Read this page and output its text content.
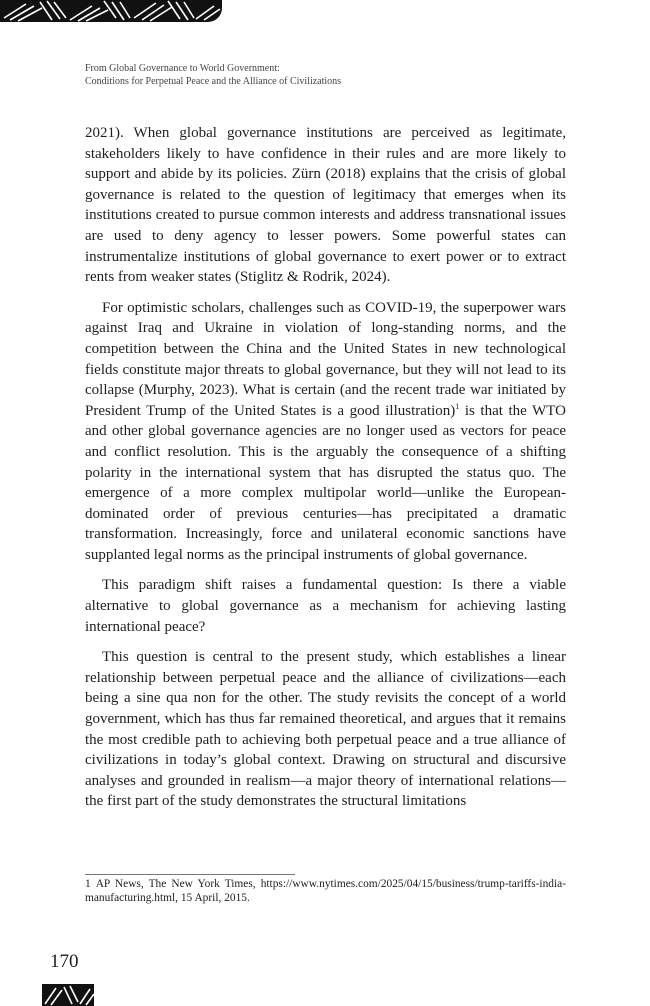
From Global Governance to World Government:
Conditions for Perpetual Peace and the Alliance of Civilizations

2021). When global governance institutions are perceived as legitimate, stakeholders likely to have confidence in their rules and are more likely to support and abide by its policies. Zürn (2018) explains that the crisis of global governance is related to the question of legitimacy that emerges when its institutions created to pursue common interests and address transnational issues are used to deny agency to lesser powers. Some powerful states can instrumentalize institutions of global governance to exert power or to extract rents from weaker states (Stiglitz & Rodrik, 2024).

For optimistic scholars, challenges such as COVID-19, the superpower wars against Iraq and Ukraine in violation of long-standing norms, and the competition between the China and the United States in new technological fields constitute major threats to global governance, but they will not lead to its collapse (Murphy, 2023). What is certain (and the recent trade war initiated by President Trump of the United States is a good illustration)$^1$ is that the WTO and other global governance agencies are no longer used as vectors for peace and conflict resolution. This is the arguably the consequence of a shifting polarity in the international system that has disrupted the status quo. The emergence of a more complex multipolar world—unlike the European-dominated order of previous centuries—has precipitated a dramatic transformation. Increasingly, force and unilateral economic sanctions have supplanted legal norms as the principal instruments of global governance.

This paradigm shift raises a fundamental question: Is there a viable alternative to global governance as a mechanism for achieving lasting international peace?

This question is central to the present study, which establishes a linear relationship between perpetual peace and the alliance of civilizations—each being a sine qua non for the other. The study revisits the concept of a world government, which has thus far remained theoretical, and argues that it remains the most credible path to achieving both perpetual peace and a true alliance of civilizations in today’s global context. Drawing on structural and discursive analyses and grounded in realism—a major theory of international relations—the first part of the study demonstrates the structural limitations

1 AP News, The New York Times, https://www.nytimes.com/2025/04/15/business/trump-tariffs-india-manufacturing.html, 15 April, 2015.
170
